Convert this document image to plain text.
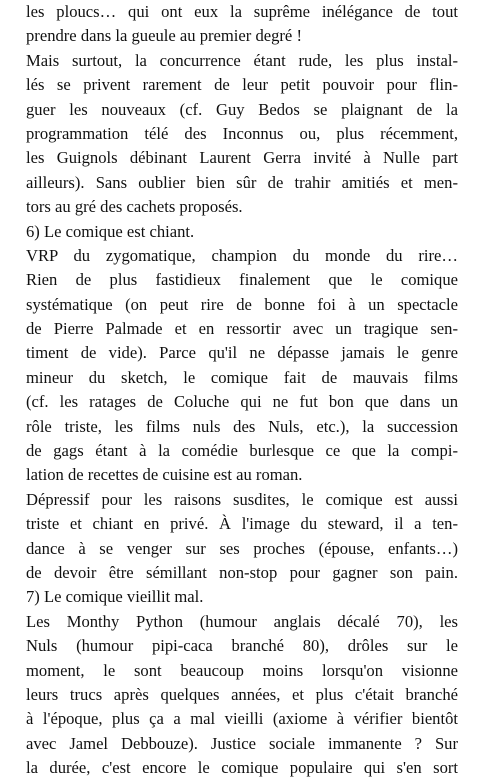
les ploucs… qui ont eux la suprême inélégance de tout
prendre dans la gueule au premier degré !
Mais surtout, la concurrence étant rude, les plus instal-
lés se privent rarement de leur petit pouvoir pour flin-
guer les nouveaux (cf. Guy Bedos se plaignant de la
programmation télé des Inconnus ou, plus récemment,
les Guignols débinant Laurent Gerra invité à Nulle part
ailleurs). Sans oublier bien sûr de trahir amitiés et men-
tors au gré des cachets proposés.
6) Le comique est chiant.
VRP du zygomatique, champion du monde du rire…
Rien de plus fastidieux finalement que le comique
systématique (on peut rire de bonne foi à un spectacle
de Pierre Palmade et en ressortir avec un tragique sen-
timent de vide). Parce qu'il ne dépasse jamais le genre
mineur du sketch, le comique fait de mauvais films
(cf. les ratages de Coluche qui ne fut bon que dans un
rôle triste, les films nuls des Nuls, etc.), la succession
de gags étant à la comédie burlesque ce que la compi-
lation de recettes de cuisine est au roman.
Dépressif pour les raisons susdites, le comique est aussi
triste et chiant en privé. À l'image du steward, il a ten-
dance à se venger sur ses proches (épouse, enfants…)
de devoir être sémillant non-stop pour gagner son pain.
7) Le comique vieillit mal.
Les Monthy Python (humour anglais décalé 70), les
Nuls (humour pipi-caca branché 80), drôles sur le
moment, le sont beaucoup moins lorsqu'on visionne
leurs trucs après quelques années, et plus c'était branché
à l'époque, plus ça a mal vieilli (axiome à vérifier bientôt
avec Jamel Debbouze). Justice sociale immanente ? Sur
la durée, c'est encore le comique populaire qui s'en sort
